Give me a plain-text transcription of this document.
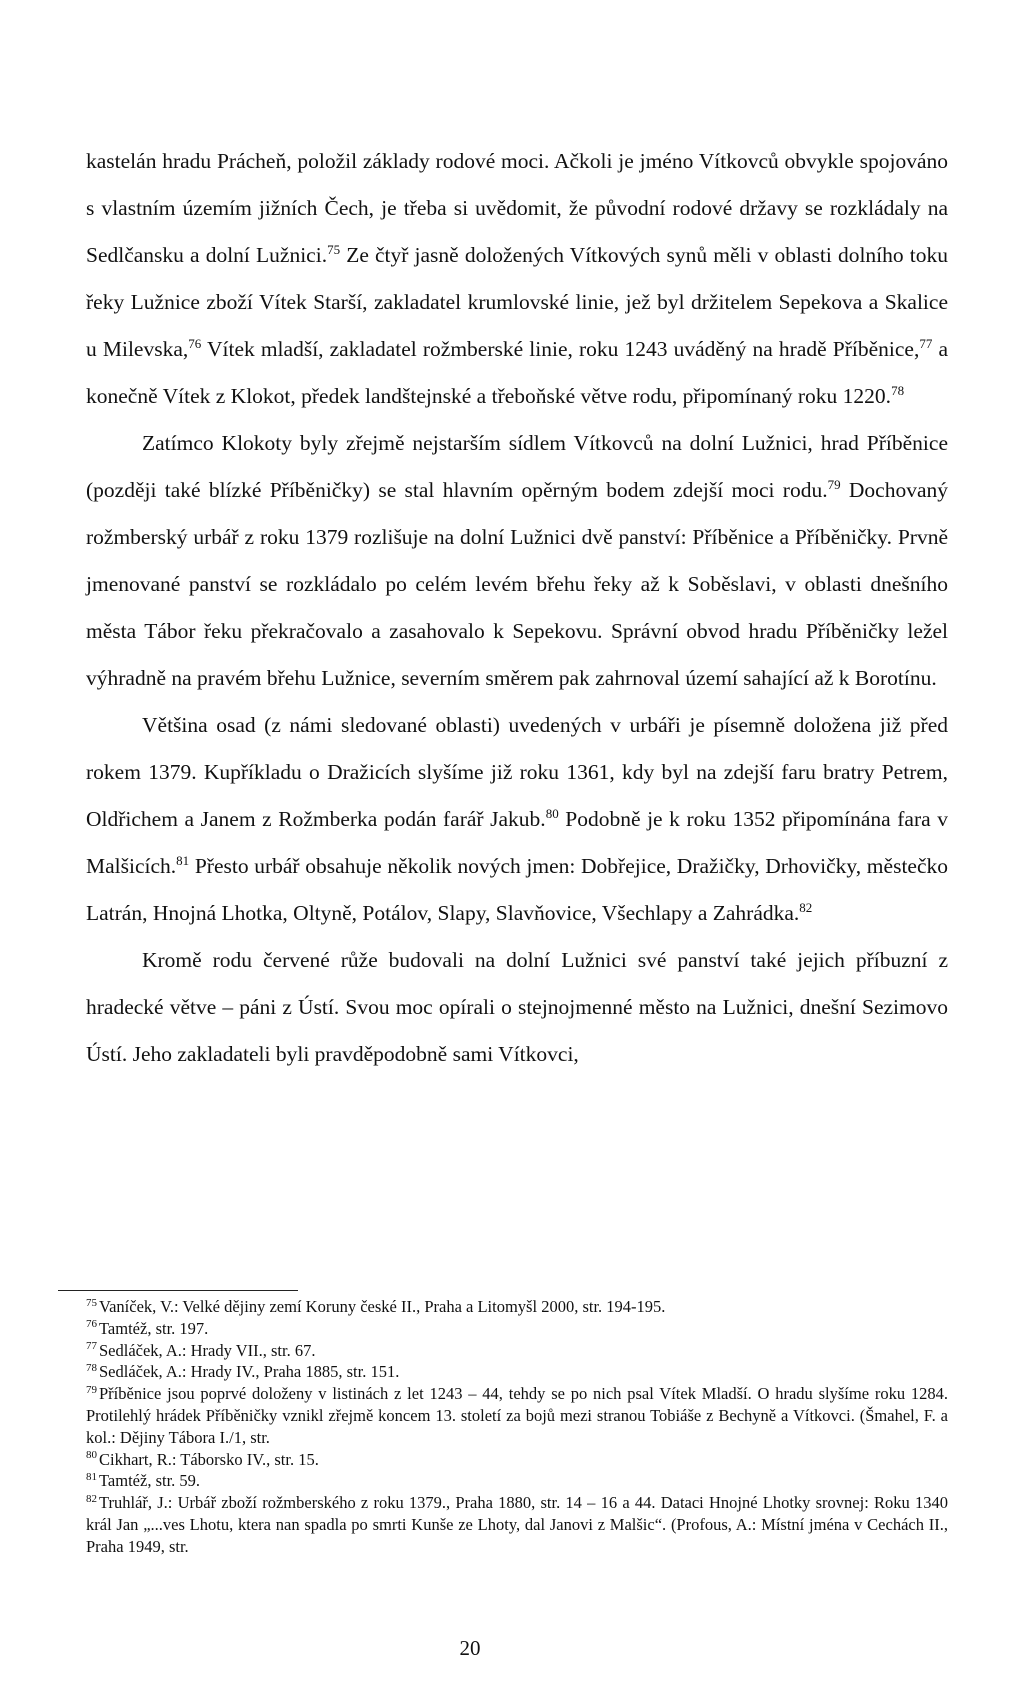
kastelán hradu Prácheň, položil základy rodové moci. Ačkoli je jméno Vítkovců obvykle spojováno s vlastním územím jižních Čech, je třeba si uvědomit, že původní rodové državy se rozkládaly na Sedlčansku a dolní Lužnici.$^{75}$ Ze čtyř jasně doložených Vítkových synů měli v oblasti dolního toku řeky Lužnice zboží Vítek Starší, zakladatel krumlovské linie, jež byl držitelem Sepekova a Skalice u Milevska,$^{76}$ Vítek mladší, zakladatel rožmberské linie, roku 1243 uváděný na hradě Příběnice,$^{77}$ a konečně Vítek z Klokot, předek landštejnské a třeboňské větve rodu, připomínaný roku 1220.78

Zatímco Klokoty byly zřejmě nejstarším sídlem Vítkovců na dolní Lužnici, hrad Příběnice (později také blízké Příběničky) se stal hlavním opěrným bodem zdejší moci rodu.$^{79}$ Dochovaný rožmberský urbář z roku 1379 rozlišuje na dolní Lužnici dvě panství: Příběnice a Příběničky. Prvně jmenované panství se rozkládalo po celém levém břehu řeky až k Soběslavi, v oblasti dnešního města Tábor řeku překračovalo a zasahovalo k Sepekovu. Správní obvod hradu Příběničky ležel výhradně na pravém břehu Lužnice, severním směrem pak zahrnoval území sahající až k Borotínu.

Většina osad (z námi sledované oblasti) uvedených v urbáři je písemně doložena již před rokem 1379. Kupříkladu o Dražicích slyšíme již roku 1361, kdy byl na zdejší faru bratry Petrem, Oldřichem a Janem z Rožmberka podán farář Jakub.$^{80}$ Podobně je k roku 1352 připomínána fara v Malšicích.$^{81}$ Přesto urbář obsahuje několik nových jmen: Dobřejice, Dražičky, Drhovičky, městečko Latrán, Hnojná Lhotka, Oltyně, Potálov, Slapy, Slavňovice, Všechlapy a Zahrádka.$^{82}$

Kromě rodu červené růže budovali na dolní Lužnici své panství také jejich příbuzní z hradecké větve – páni z Ústí. Svou moc opírali o stejnojmenné město na Lužnici, dnešní Sezimovo Ústí. Jeho zakladateli byli pravděpodobně sami Vítkovci,

$^{75}$ Vaníček, V.: Velké dějiny zemí Koruny české II., Praha a Litomyšl 2000, str. 194-195.

$^{76}$ Tamtéž, str. 197.

$^{77}$ Sedláček, A.: Hrady VII., str. 67.

$^{78}$ Sedláček, A.: Hrady IV., Praha 1885, str. 151.

$^{79}$ Příběnice jsou poprvé doloženy v listinách z let 1243 – 44, tehdy se po nich psal Vítek Mladší. O hradu slyšíme roku 1284. Protilehlý hrádek Příběničky vznikl zřejmě koncem 13. století za bojů mezi stranou Tobiáše z Bechyně a Vítkovci. (Šmahel, F. a kol.: Dějiny Tábora I./1, str.

$^{80}$ Cikhart, R.: Táborsko IV., str. 15.

$^{81}$ Tamtéž, str. 59.

$^{82}$ Truhlář, J.: Urbář zboží rožmberského z roku 1379., Praha 1880, str. 14 – 16 a 44. Dataci Hnojné Lhotky srovnej: Roku 1340 král Jan „...ves Lhotu, ktera nan spadla po smrti Kunše ze Lhoty, dal Janovi z Malšic“. (Profous, A.: Místní jména v Cechách II., Praha 1949, str.

20
